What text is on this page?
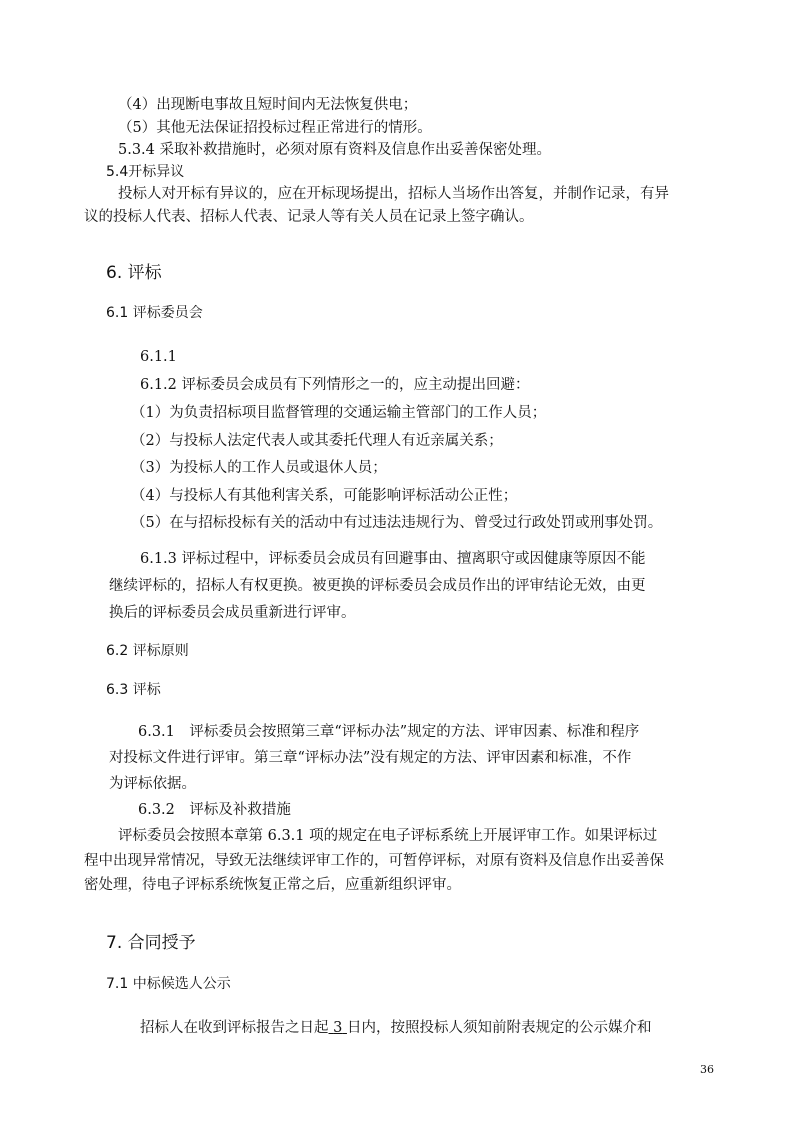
（4）出现断电事故且短时间内无法恢复供电；
（5）其他无法保证招投标过程正常进行的情形。
5.3.4 采取补救措施时，必须对原有资料及信息作出妥善保密处理。
5.4开标异议
投标人对开标有异议的，应在开标现场提出，招标人当场作出答复，并制作记录，有异
议的投标人代表、招标人代表、记录人等有关人员在记录上签字确认。
6. 评标
6.1 评标委员会
6.1.1
6.1.2 评标委员会成员有下列情形之一的，应主动提出回避：
（1）为负责招标项目监督管理的交通运输主管部门的工作人员；
（2）与投标人法定代表人或其委托代理人有近亲属关系；
（3）为投标人的工作人员或退休人员；
（4）与投标人有其他利害关系，可能影响评标活动公正性；
（5）在与招标投标有关的活动中有过违法违规行为、曾受过行政处罚或刑事处罚。
6.1.3 评标过程中，评标委员会成员有回避事由、擅离职守或因健康等原因不能
继续评标的，招标人有权更换。被更换的评标委员会成员作出的评审结论无效，由更
换后的评标委员会成员重新进行评审。
6.2 评标原则
6.3 评标
6.3.1　评标委员会按照第三章“评标办法”规定的方法、评审因素、标准和程序
对投标文件进行评审。第三章“评标办法”没有规定的方法、评审因素和标准，不作
为评标依据。
6.3.2　评标及补救措施
评标委员会按照本章第 6.3.1 项的规定在电子评标系统上开展评审工作。如果评标过
程中出现异常情况，导致无法继续评审工作的，可暂停评标，对原有资料及信息作出妥善保
密处理，待电子评标系统恢复正常之后，应重新组织评审。
7. 合同授予
7.1 中标候选人公示
招标人在收到评标报告之日起 3 日内，按照投标人须知前附表规定的公示媒介和
36
